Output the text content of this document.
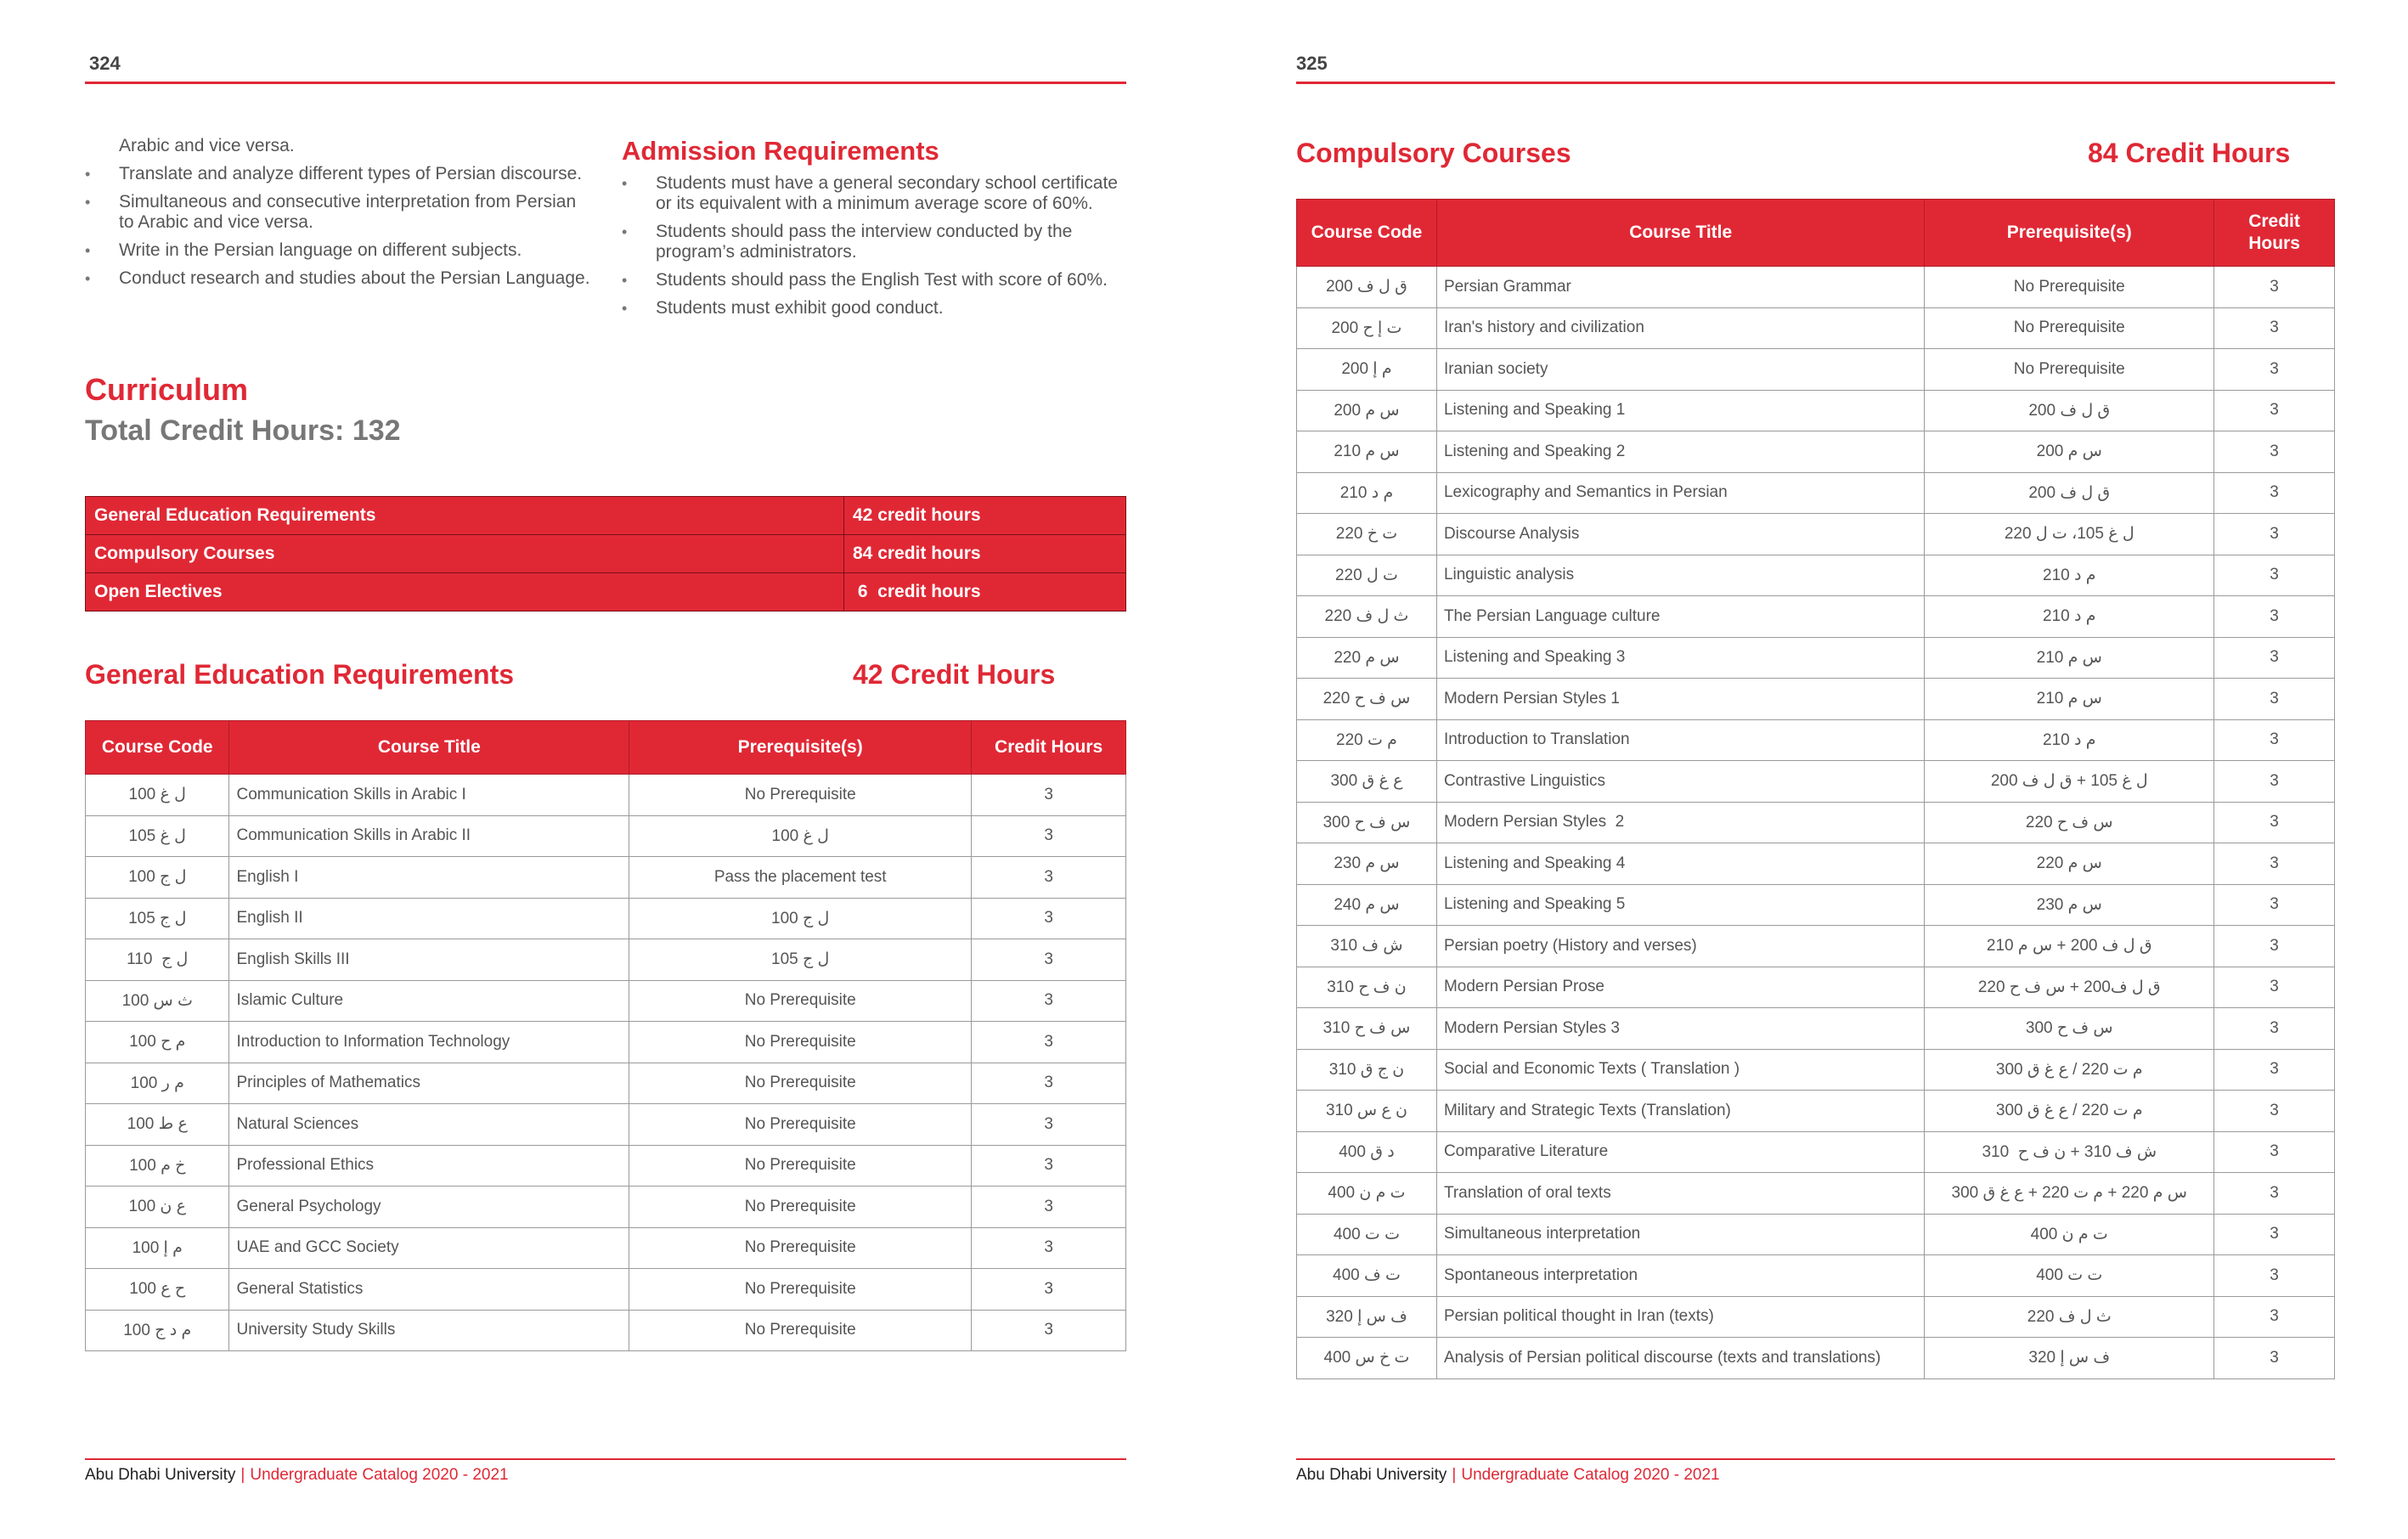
324
Arabic and vice versa.
• Translate and analyze different types of Persian discourse.
• Simultaneous and consecutive interpretation from Persian to Arabic and vice versa.
• Write in the Persian language on different subjects.
• Conduct research and studies about the Persian Language.
Admission Requirements
• Students must have a general secondary school certificate or its equivalent with a minimum average score of 60%.
• Students should pass the interview conducted by the program’s administrators.
• Students should pass the English Test with score of 60%.
• Students must exhibit good conduct.
Curriculum
Total Credit Hours: 132
General Education Requirements	42 credit hours
Compulsory Courses	84 credit hours
Open Electives	6  credit hours
General Education Requirements	42 Credit Hours
Course Code	Course Title	Prerequisite(s)	Credit Hours
ل غ 100	Communication Skills in Arabic I	No Prerequisite	3
ل غ 105	Communication Skills in Arabic II	ل غ 100	3
ل ج 100	English I	Pass the placement test	3
ل ج 105	English II	ل ج 100	3
ل ج  110	English Skills III	ل ج 105	3
ث س 100	Islamic Culture	No Prerequisite	3
م ح 100	Introduction to Information Technology	No Prerequisite	3
م ر 100	Principles of Mathematics	No Prerequisite	3
ع ط 100	Natural Sciences	No Prerequisite	3
خ م 100	Professional Ethics	No Prerequisite	3
ع ن 100	General Psychology	No Prerequisite	3
م إ 100	UAE and GCC Society	No Prerequisite	3
ح ع 100	General Statistics	No Prerequisite	3
م د ج 100	University Study Skills	No Prerequisite	3
Abu Dhabi University | Undergraduate Catalog 2020 - 2021
325
Compulsory Courses	84 Credit Hours
Course Code	Course Title	Prerequisite(s)	Credit Hours
ق ل ف 200	Persian Grammar	No Prerequisite	3
ت إ ح 200	Iran's history and civilization	No Prerequisite	3
م إ 200	Iranian society	No Prerequisite	3
س م 200	Listening and Speaking 1	ق ل ف 200	3
س م 210	Listening and Speaking 2	س م 200	3
م د 210	Lexicography and Semantics in Persian	ق ل ف 200	3
ت خ 220	Discourse Analysis	ل غ 105، ت ل 220	3
ت ل 220	Linguistic analysis	م د 210	3
ث ل ف 220	The Persian Language culture	م د 210	3
س م 220	Listening and Speaking 3	س م 210	3
س ف ح 220	Modern Persian Styles 1	س م 210	3
م ت 220	Introduction to Translation	م د 210	3
ع غ ق 300	Contrastive Linguistics	ل غ 105 + ق ل ف 200	3
س ف ح 300	Modern Persian Styles  2	س ف ح 220	3
س م 230	Listening and Speaking 4	س م 220	3
س م 240	Listening and Speaking 5	س م 230	3
ش ف 310	Persian poetry (History and verses)	ق ل ف 200 + س م 210	3
ن ف ح 310	Modern Persian Prose	ق ل ف200 + س ف ح 220	3
س ف ح 310	Modern Persian Styles 3	س ف ح 300	3
ن ج ق 310	Social and Economic Texts ( Translation )	م ت 220 / ع غ ق 300	3
ن ع س 310	Military and Strategic Texts (Translation)	م ت 220 / ع غ ق 300	3
د ق 400	Comparative Literature	ش ف 310 + ن ف ح  310	3
ت م ن 400	Translation of oral texts	س م 220 + م ت 220 + ع غ ق 300	3
ت ت 400	Simultaneous interpretation	ت م ن 400	3
ت ف 400	Spontaneous interpretation	ت ت 400	3
ف س إ 320	Persian political thought in Iran (texts)	ث ل ف 220	3
ت خ س 400	Analysis of Persian political discourse (texts and translations)	ف س إ 320	3
Abu Dhabi University | Undergraduate Catalog 2020 - 2021
